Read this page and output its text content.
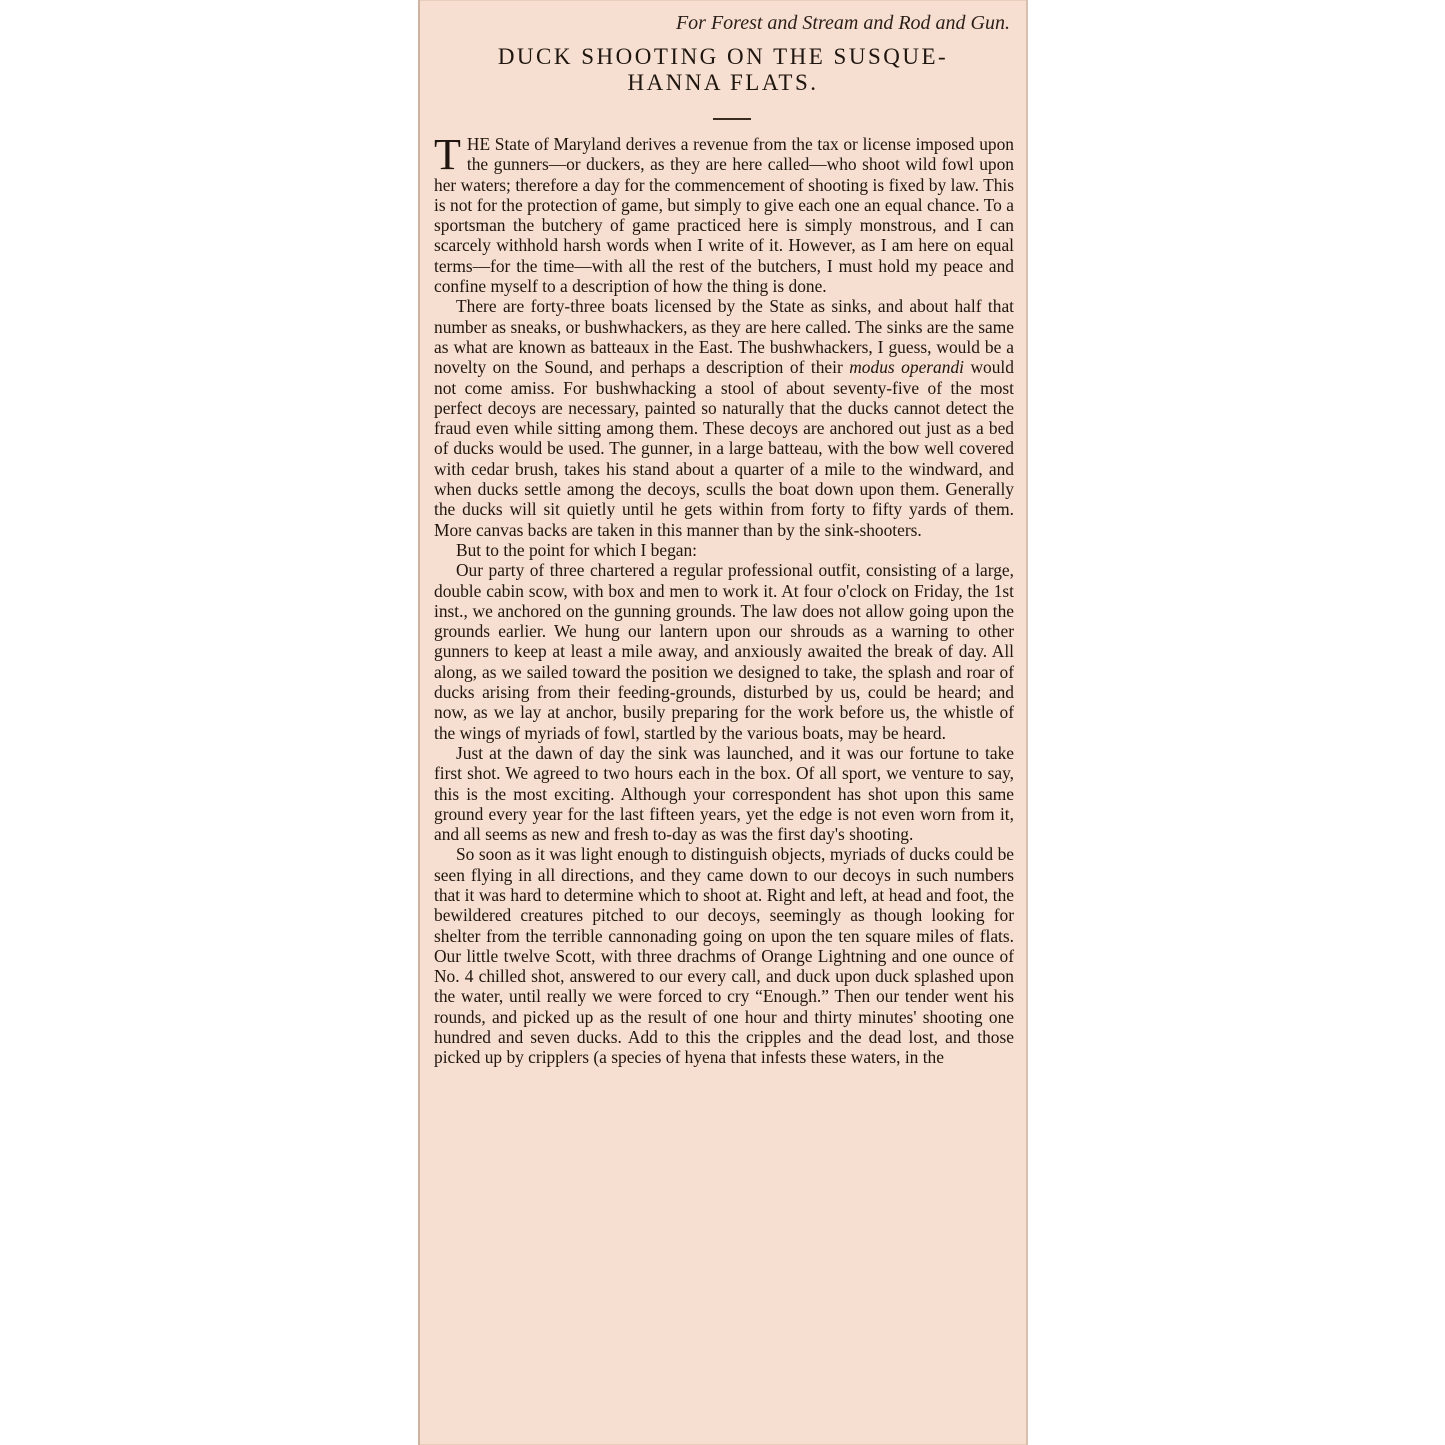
For Forest and Stream and Rod and Gun.
DUCK SHOOTING ON THE SUSQUE-
HANNA FLATS.

THE State of Maryland derives a revenue from the tax or license imposed upon the gunners—or duckers, as they are here called—who shoot wild fowl upon her waters; therefore a day for the commencement of shooting is fixed by law. This is not for the protection of game, but simply to give each one an equal chance. To a sportsman the butchery of game practiced here is simply monstrous, and I can scarcely withhold harsh words when I write of it. However, as I am here on equal terms—for the time—with all the rest of the butchers, I must hold my peace and confine myself to a description of how the thing is done.

There are forty-three boats licensed by the State as sinks, and about half that number as sneaks, or bushwhackers, as they are here called. The sinks are the same as what are known as batteaux in the East. The bushwhackers, I guess, would be a novelty on the Sound, and perhaps a description of their modus operandi would not come amiss. For bushwhacking a stool of about seventy-five of the most perfect decoys are necessary, painted so naturally that the ducks cannot detect the fraud even while sitting among them. These decoys are anchored out just as a bed of ducks would be used. The gunner, in a large batteau, with the bow well covered with cedar brush, takes his stand about a quarter of a mile to the windward, and when ducks settle among the decoys, sculls the boat down upon them. Generally the ducks will sit quietly until he gets within from forty to fifty yards of them. More canvas backs are taken in this manner than by the sink-shooters.

But to the point for which I began:

Our party of three chartered a regular professional outfit, consisting of a large, double cabin scow, with box and men to work it. At four o'clock on Friday, the 1st inst., we anchored on the gunning grounds. The law does not allow going upon the grounds earlier. We hung our lantern upon our shrouds as a warning to other gunners to keep at least a mile away, and anxiously awaited the break of day. All along, as we sailed toward the position we designed to take, the splash and roar of ducks arising from their feeding-grounds, disturbed by us, could be heard; and now, as we lay at anchor, busily preparing for the work before us, the whistle of the wings of myriads of fowl, startled by the various boats, may be heard.

Just at the dawn of day the sink was launched, and it was our fortune to take first shot. We agreed to two hours each in the box. Of all sport, we venture to say, this is the most exciting. Although your correspondent has shot upon this same ground every year for the last fifteen years, yet the edge is not even worn from it, and all seems as new and fresh to-day as was the first day's shooting.

So soon as it was light enough to distinguish objects, myriads of ducks could be seen flying in all directions, and they came down to our decoys in such numbers that it was hard to determine which to shoot at. Right and left, at head and foot, the bewildered creatures pitched to our decoys, seemingly as though looking for shelter from the terrible cannonading going on upon the ten square miles of flats. Our little twelve Scott, with three drachms of Orange Lightning and one ounce of No. 4 chilled shot, answered to our every call, and duck upon duck splashed upon the water, until really we were forced to cry “Enough.” Then our tender went his rounds, and picked up as the result of one hour and thirty minutes' shooting one hundred and seven ducks. Add to this the cripples and the dead lost, and those picked up by cripplers (a species of hyena that infests these waters, in the
